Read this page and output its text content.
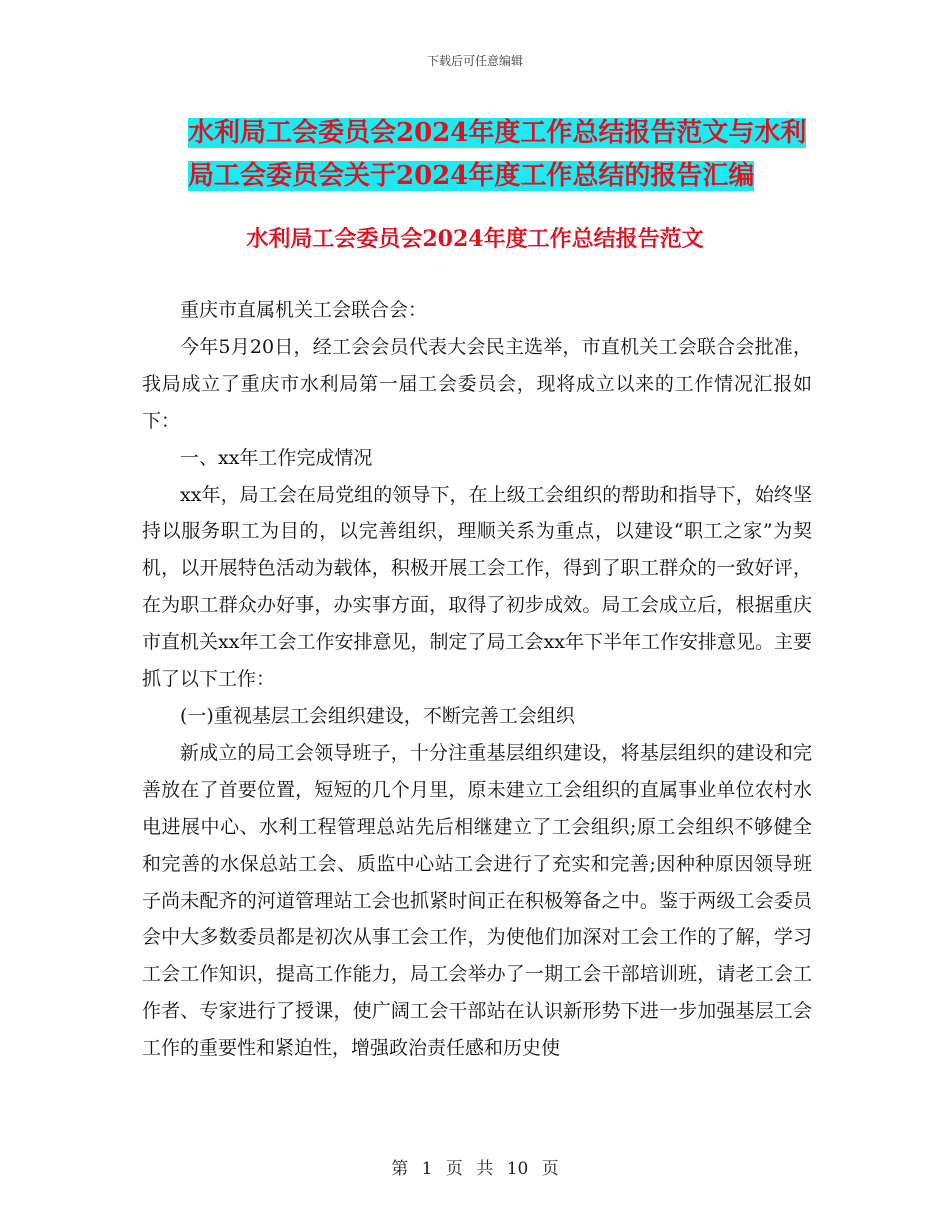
下载后可任意编辑
水利局工会委员会2024年度工作总结报告范文与水利
局工会委员会关于2024年度工作总结的报告汇编
水利局工会委员会2024年度工作总结报告范文

重庆市直属机关工会联合会：

今年5月20日，经工会会员代表大会民主选举，市直机关工会联合会批准，我局成立了重庆市水利局第一届工会委员会，现将成立以来的工作情况汇报如下：

一、xx年工作完成情况

xx年，局工会在局党组的领导下，在上级工会组织的帮助和指导下，始终坚持以服务职工为目的，以完善组织，理顺关系为重点，以建设“职工之家”为契机，以开展特色活动为载体，积极开展工会工作，得到了职工群众的一致好评，在为职工群众办好事，办实事方面，取得了初步成效。局工会成立后，根据重庆市直机关xx年工会工作安排意见，制定了局工会xx年下半年工作安排意见。主要抓了以下工作：

(一)重视基层工会组织建设，不断完善工会组织

新成立的局工会领导班子，十分注重基层组织建设，将基层组织的建设和完善放在了首要位置，短短的几个月里，原未建立工会组织的直属事业单位农村水电进展中心、水利工程管理总站先后相继建立了工会组织;原工会组织不够健全和完善的水保总站工会、质监中心站工会进行了充实和完善;因种种原因领导班子尚未配齐的河道管理站工会也抓紧时间正在积极筹备之中。鉴于两级工会委员会中大多数委员都是初次从事工会工作，为使他们加深对工会工作的了解，学习工会工作知识，提高工作能力，局工会举办了一期工会干部培训班，请老工会工作者、专家进行了授课，使广阔工会干部站在认识新形势下进一步加强基层工会工作的重要性和紧迫性，增强政治责任感和历史使

第 1 页 共 10 页
